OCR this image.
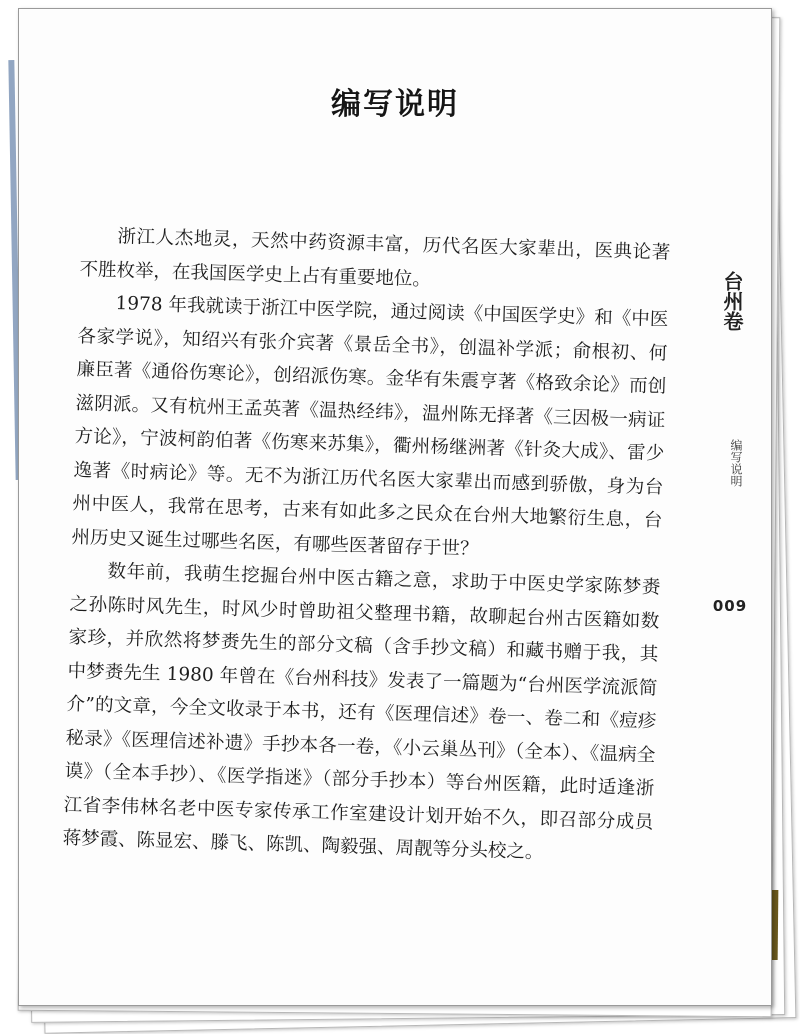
编写说明

浙江人杰地灵，天然中药资源丰富，历代名医大家辈出，医典论著不胜枚举，在我国医学史上占有重要地位。

1978 年我就读于浙江中医学院，通过阅读《中国医学史》和《中医各家学说》，知绍兴有张介宾著《景岳全书》，创温补学派；俞根初、何廉臣著《通俗伤寒论》，创绍派伤寒。金华有朱震亨著《格致余论》而创滋阴派。又有杭州王孟英著《温热经纬》，温州陈无择著《三因极一病证方论》，宁波柯韵伯著《伤寒来苏集》，衢州杨继洲著《针灸大成》、雷少逸著《时病论》等。无不为浙江历代名医大家辈出而感到骄傲，身为台州中医人，我常在思考，古来有如此多之民众在台州大地繁衍生息，台州历史又诞生过哪些名医，有哪些医著留存于世？

数年前，我萌生挖掘台州中医古籍之意，求助于中医史学家陈梦赉之孙陈时风先生，时风少时曾助祖父整理书籍，故聊起台州古医籍如数家珍，并欣然将梦赉先生的部分文稿（含手抄文稿）和藏书赠于我，其中梦赉先生 1980 年曾在《台州科技》发表了一篇题为“台州医学流派简介”的文章，今全文收录于本书，还有《医理信述》卷一、卷二和《痘疹秘录》《医理信述补遗》手抄本各一卷，《小云巢丛刊》（全本）、《温病全谟》（全本手抄）、《医学指迷》（部分手抄本）等台州医籍，此时适逢浙江省李伟林名老中医专家传承工作室建设计划开始不久，即召部分成员蒋梦霞、陈显宏、滕飞、陈凯、陶毅强、周靓等分头校之。

台州卷
编写说明
009
